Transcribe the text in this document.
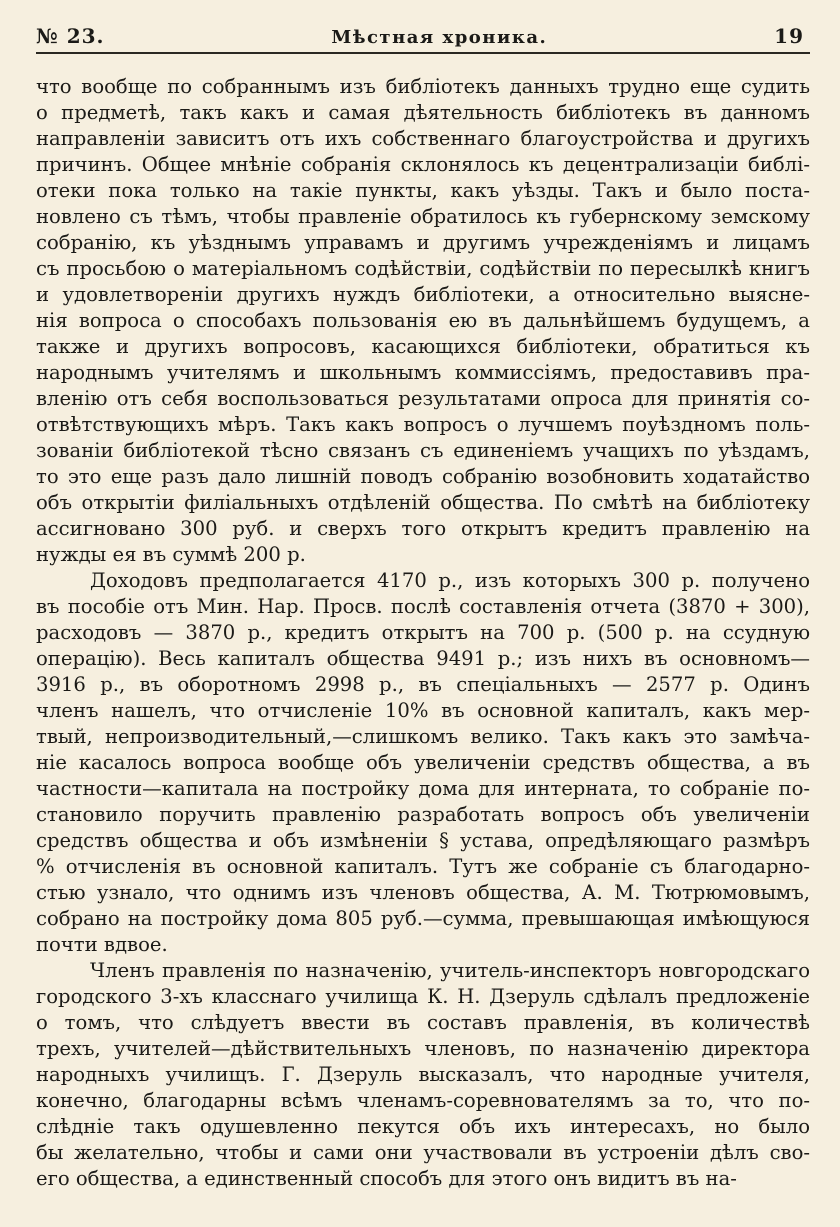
№ 23.	Мѣстная хроника.	19
что вообще по собраннымъ изъ библiотекъ данныхъ трудно еще судить
о предметѣ, такъ какъ и самая дѣятельность библiотекъ въ данномъ
направленiи зависитъ отъ ихъ собственнаго благоустройства и другихъ
причинъ. Общее мнѣнiе собранiя склонялось къ децентрализацiи библi-
отеки пока только на такiе пункты, какъ уѣзды. Такъ и было поста-
новлено съ тѣмъ, чтобы правленiе обратилось къ губернскому земскому
собранiю, къ уѣзднымъ управамъ и другимъ учрежденiямъ и лицамъ
съ просьбою о матерiальномъ содѣйствiи, содѣйствiи по пересылкѣ книгъ
и удовлетворенiи другихъ нуждъ библiотеки, а относительно выясне-
нiя вопроса о способахъ пользованiя ею въ дальнѣйшемъ будущемъ, а
также и другихъ вопросовъ, касающихся библiотеки, обратиться къ
народнымъ учителямъ и школьнымъ коммиссiямъ, предоставивъ пра-
вленiю отъ себя воспользоваться результатами опроса для принятiя со-
отвѣтствующихъ мѣръ. Такъ какъ вопросъ о лучшемъ поуѣздномъ поль-
зованiи библiотекой тѣсно связанъ съ единенiемъ учащихъ по уѣздамъ,
то это еще разъ дало лишнiй поводъ собранiю возобновить ходатайство
объ открытiи филiальныхъ отдѣленiй общества. По смѣтѣ на библiотеку
ассигновано 300 руб. и сверхъ того открытъ кредитъ правленiю на
нужды ея въ суммѣ 200 р.
Доходовъ предполагается 4170 р., изъ которыхъ 300 р. получено
въ пособiе отъ Мин. Нар. Просв. послѣ составленiя отчета (3870 + 300),
расходовъ — 3870 р., кредитъ открытъ на 700 р. (500 р. на ссудную
операцiю). Весь капиталъ общества 9491 р.; изъ нихъ въ основномъ—
3916 р., въ оборотномъ 2998 р., въ спецiальныхъ — 2577 р. Одинъ
членъ нашелъ, что отчисленiе 10% въ основной капиталъ, какъ мер-
твый, непроизводительный,—слишкомъ велико. Такъ какъ это замѣча-
нiе касалось вопроса вообще объ увеличенiи средствъ общества, а въ
частности—капитала на постройку дома для интерната, то собранiе по-
становило поручить правленiю разработать вопросъ объ увеличенiи
средствъ общества и объ измѣненiи § устава, опредѣляющаго размѣръ
% отчисленiя въ основной капиталъ. Тутъ же собранiе съ благодарно-
стью узнало, что однимъ изъ членовъ общества, А. М. Тютрюмовымъ,
собрано на постройку дома 805 руб.—сумма, превышающая имѣющуюся
почти вдвое.
Членъ правленiя по назначенiю, учитель-инспекторъ новгородскаго
городского 3-хъ класснаго училища К. Н. Дзеруль сдѣлалъ предложенiе
о томъ, что слѣдуетъ ввести въ составъ правленiя, въ количествѣ
трехъ, учителей—дѣйствительныхъ членовъ, по назначенiю директора
народныхъ училищъ. Г. Дзеруль высказалъ, что народные учителя,
конечно, благодарны всѣмъ членамъ-соревнователямъ за то, что по-
слѣднiе такъ одушевленно пекутся объ ихъ интересахъ, но было
бы желательно, чтобы и сами они участвовали въ устроенiи дѣлъ сво-
его общества, а единственный способъ для этого онъ видитъ въ на-
